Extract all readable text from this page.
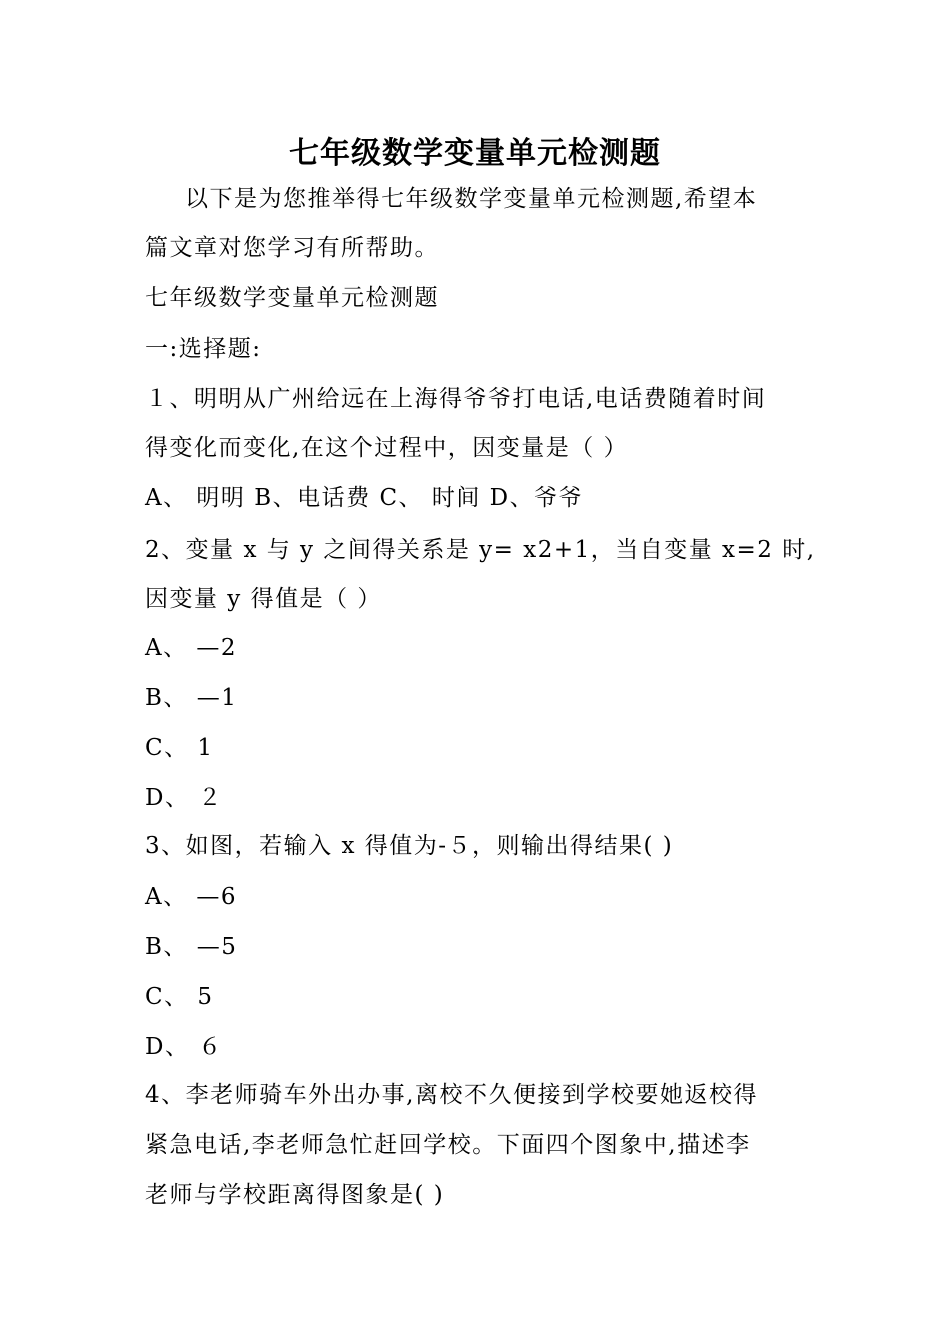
七年级数学变量单元检测题
以下是为您推举得七年级数学变量单元检测题,希望本
篇文章对您学习有所帮助。
七年级数学变量单元检测题
一:选择题:
１、明明从广州给远在上海得爷爷打电话,电话费随着时间
得变化而变化,在这个过程中，因变量是（ ）
A、 明明 B、电话费 C、 时间 D、爷爷
2、变量 x 与 y 之间得关系是 y= x2+1，当自变量 x=2 时,
因变量 y 得值是（ ）
A、 —2
B、 —1
C、 1
D、 ２
3、如图，若输入 x 得值为-５，则输出得结果( )
A、 —6
B、 —5
C、 5
D、 ６
4、李老师骑车外出办事,离校不久便接到学校要她返校得
紧急电话,李老师急忙赶回学校。下面四个图象中,描述李
老师与学校距离得图象是( )
